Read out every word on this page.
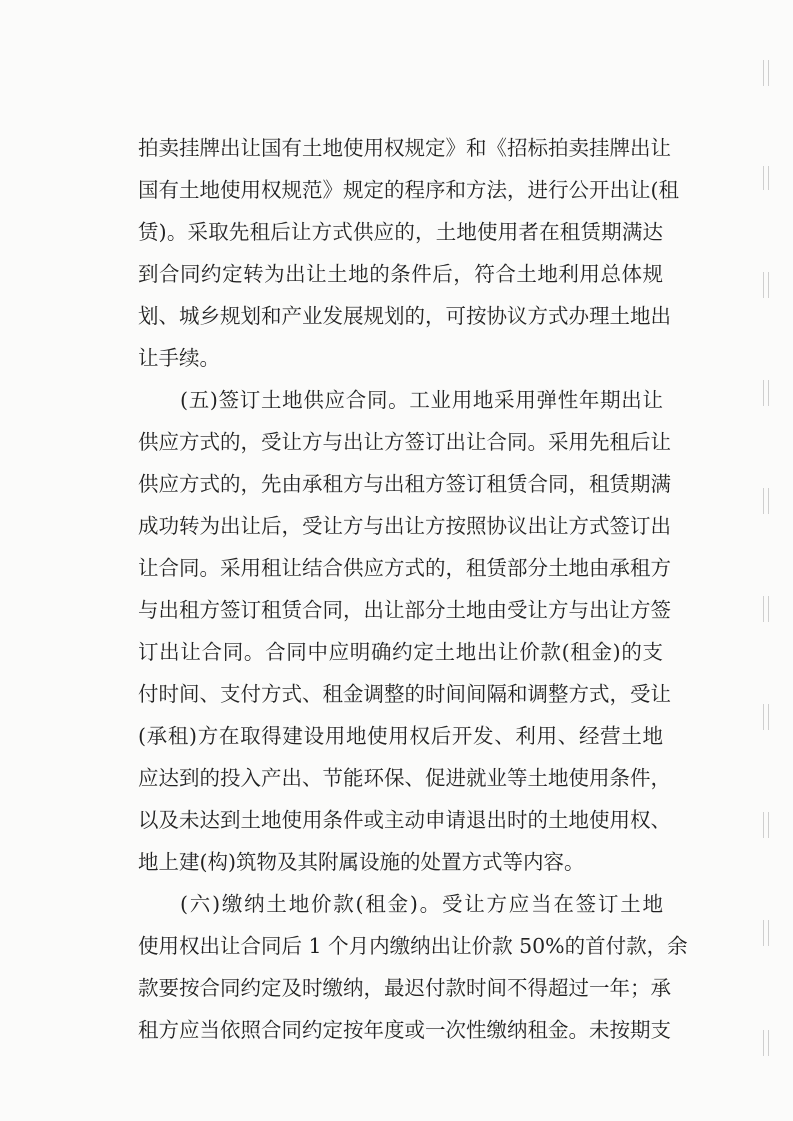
拍卖挂牌出让国有土地使用权规定》和《招标拍卖挂牌出让
国有土地使用权规范》规定的程序和方法，进行公开出让(租
赁)。采取先租后让方式供应的，土地使用者在租赁期满达
到合同约定转为出让土地的条件后，符合土地利用总体规
划、城乡规划和产业发展规划的，可按协议方式办理土地出
让手续。
(五)签订土地供应合同。工业用地采用弹性年期出让
供应方式的，受让方与出让方签订出让合同。采用先租后让
供应方式的，先由承租方与出租方签订租赁合同，租赁期满
成功转为出让后，受让方与出让方按照协议出让方式签订出
让合同。采用租让结合供应方式的，租赁部分土地由承租方
与出租方签订租赁合同，出让部分土地由受让方与出让方签
订出让合同。合同中应明确约定土地出让价款(租金)的支
付时间、支付方式、租金调整的时间间隔和调整方式，受让
(承租)方在取得建设用地使用权后开发、利用、经营土地
应达到的投入产出、节能环保、促进就业等土地使用条件，
以及未达到土地使用条件或主动申请退出时的土地使用权、
地上建(构)筑物及其附属设施的处置方式等内容。
(六)缴纳土地价款(租金)。受让方应当在签订土地
使用权出让合同后 1 个月内缴纳出让价款 50%的首付款，余
款要按合同约定及时缴纳，最迟付款时间不得超过一年；承
租方应当依照合同约定按年度或一次性缴纳租金。未按期支
